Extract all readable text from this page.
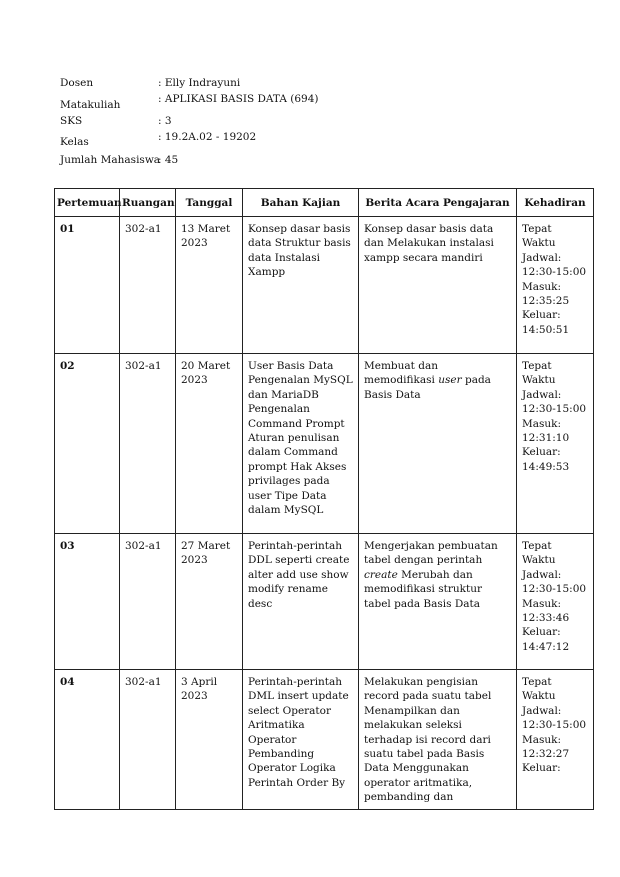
Dosen	: Elly Indrayuni
Matakuliah	: APLIKASI BASIS DATA (694)
SKS	: 3
Kelas	: 19.2A.02 - 19202
Jumlah Mahasiswa
: 45
Pertemuan	Ruangan	Tanggal	Bahan Kajian	Berita Acara Pengajaran	Kehadiran
01	302-a1	13 Maret 2023	Konsep dasar basis data Struktur basis data Instalasi Xampp	Konsep dasar basis data dan Melakukan instalasi xampp secara mandiri	Tepat Waktu
Jadwal: 12:30-15:00
Masuk: 12:35:25
Keluar: 14:50:51

02	302-a1	20 Maret 2023	User Basis Data Pengenalan MySQL dan MariaDB Pengenalan Command Prompt Aturan penulisan dalam Command prompt Hak Akses privilages pada user Tipe Data dalam MySQL	Membuat dan memodifikasi user pada Basis Data	Tepat Waktu
Jadwal: 12:30-15:00
Masuk: 12:31:10
Keluar: 14:49:53

03	302-a1	27 Maret 2023	Perintah-perintah DDL seperti create alter add use show modify rename desc	Mengerjakan pembuatan tabel dengan perintah create Merubah dan memodifikasi struktur tabel pada Basis Data	Tepat Waktu
Jadwal: 12:30-15:00
Masuk: 12:33:46
Keluar: 14:47:12

04	302-a1	3 April 2023	Perintah-perintah DML insert update select Operator Aritmatika Operator Pembanding Operator Logika Perintah Order By	Melakukan pengisian record pada suatu tabel Menampilkan dan melakukan seleksi terhadap isi record dari suatu tabel pada Basis Data Menggunakan operator aritmatika, pembanding dan	Tepat Waktu
Jadwal: 12:30-15:00
Masuk: 12:32:27
Keluar:
